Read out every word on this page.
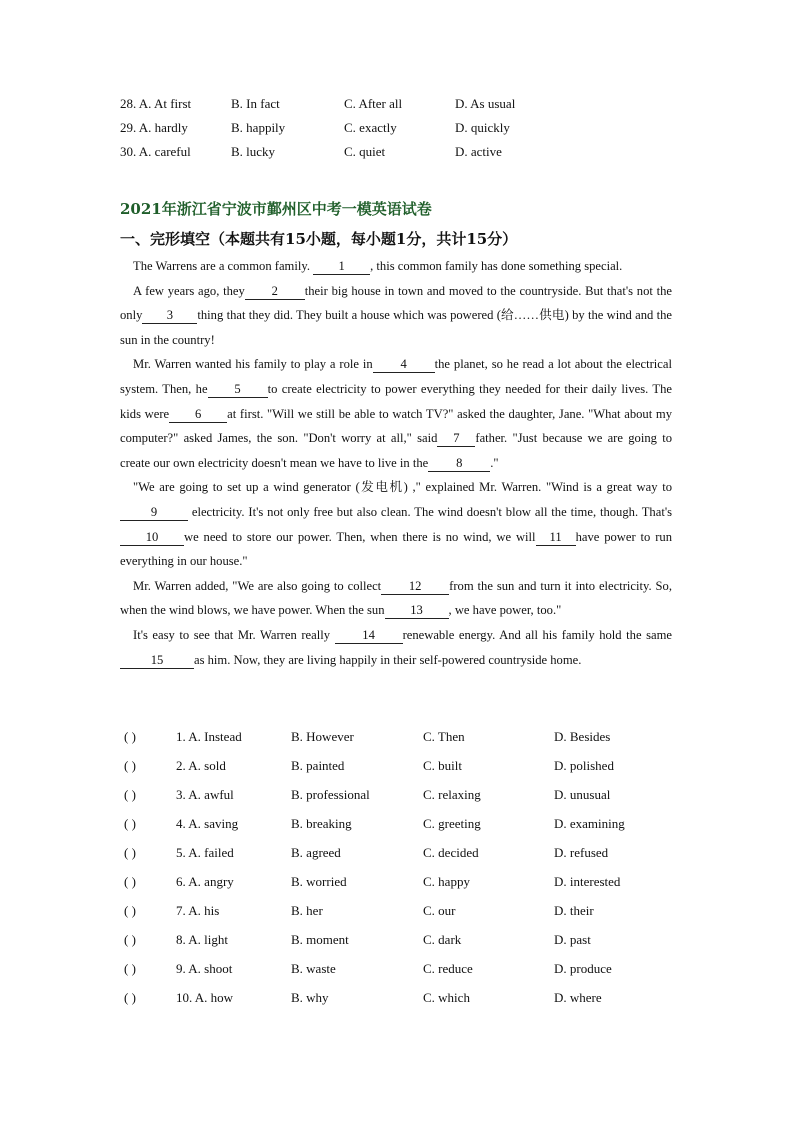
28. A. At first	B. In fact	C. After all	D. As usual
29. A. hardly	B. happily	C. exactly	D. quickly
30. A. careful	B. lucky	C. quiet	D. active
2021年浙江省宁波市鄞州区中考一模英语试卷
一、完形填空（本题共有15小题，每小题1分，共计15分）

The Warrens are a common family. 1 , this common family has done something special.

A few years ago, they 2 their big house in town and moved to the countryside. But that's not the only 3 thing that they did. They built a house which was powered (给……供电) by the wind and the sun in the country!

Mr. Warren wanted his family to play a role in 4 the planet, so he read a lot about the electrical system. Then, he 5 to create electricity to power everything they needed for their daily lives. The kids were 6 at first. "Will we still be able to watch TV?" asked the daughter, Jane. "What about my computer?" asked James, the son. "Don't worry at all," said 7 father. "Just because we are going to create our own electricity doesn't mean we have to live in the 8 ."

"We are going to set up a wind generator (发电机) ," explained Mr. Warren. "Wind is a great way to9 electricity. It's not only free but also clean. The wind doesn't blow all the time, though. That's10 we need to store our power. Then, when there is no wind, we will 11 have power to run everything in our house."

Mr. Warren added, "We are also going to collect 12 from the sun and turn it into electricity. So, when the wind blows, we have power. When the sun 13 , we have power, too."

It's easy to see that Mr. Warren really 14 renewable energy. And all his family hold the same15 as him. Now, they are living happily in their self-powered countryside home.

( )	1. A. Instead	B. However	C. Then	D. Besides
( )	2. A. sold	B. painted	C. built	D. polished
( )	3. A. awful	B. professional	C. relaxing	D. unusual
( )	4. A. saving	B. breaking	C. greeting	D. examining
( )	5. A. failed	B. agreed	C. decided	D. refused
( )	6. A. angry	B. worried	C. happy	D. interested
( )	7. A. his	B. her	C. our	D. their
( )	8. A. light	B. moment	C. dark	D. past
( )	9. A. shoot	B. waste	C. reduce	D. produce
( )	10. A. how	B. why	C. which	D. where
